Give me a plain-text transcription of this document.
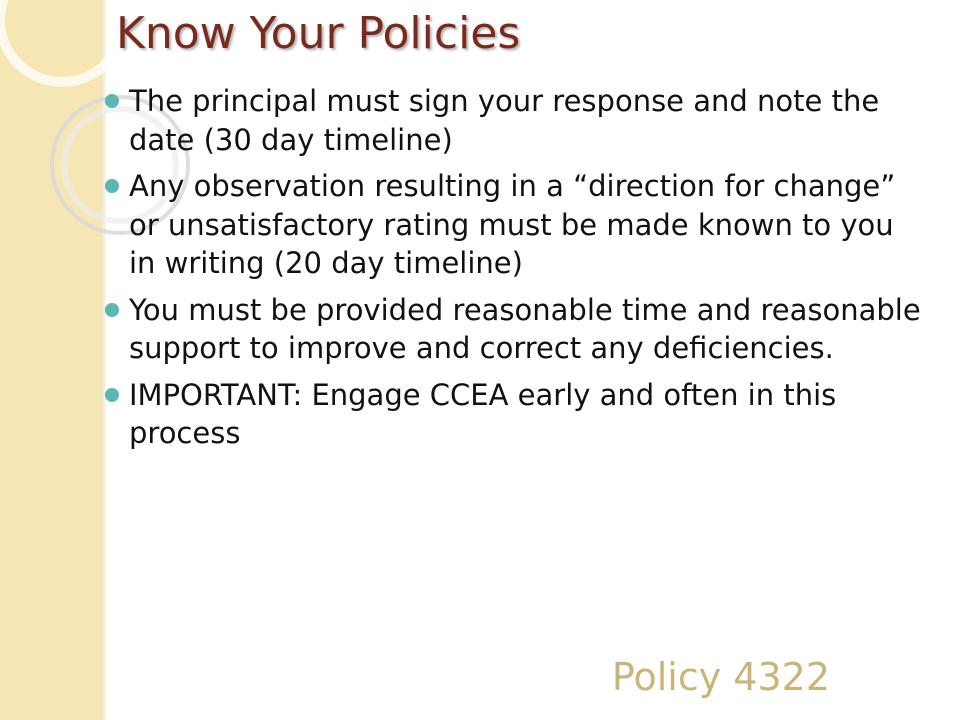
Know Your Policies
The principal must sign your response and note the date (30 day timeline)
Any observation resulting in a “direction for change” or unsatisfactory rating must be made known to you in writing (20 day timeline)
You must be provided reasonable time and reasonable support to improve and correct any deficiencies.
IMPORTANT: Engage CCEA early and often in this process
Policy 4322
